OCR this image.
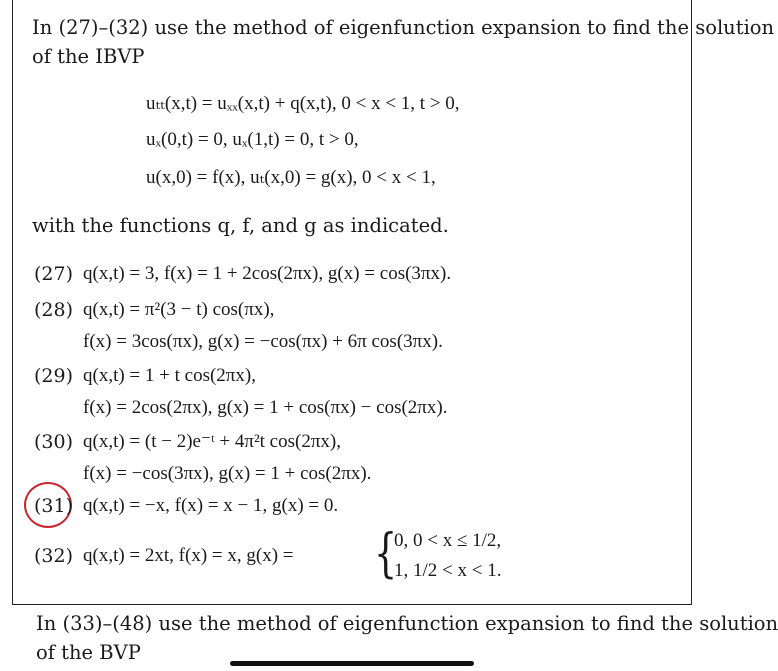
In (27)–(32) use the method of eigenfunction expansion to find the solution
of the IBVP
uₜₜ(x,t) = uₓₓ(x,t) + q(x,t), 0 < x < 1, t > 0,
uₓ(0,t) = 0, uₓ(1,t) = 0, t > 0,
u(x,0) = f(x), uₜ(x,0) = g(x), 0 < x < 1,
with the functions q, f, and g as indicated.
(27) q(x,t) = 3, f(x) = 1 + 2cos(2πx), g(x) = cos(3πx).
(28) q(x,t) = π²(3 − t) cos(πx),
f(x) = 3cos(πx), g(x) = −cos(πx) + 6π cos(3πx).
(29) q(x,t) = 1 + t cos(2πx),
f(x) = 2cos(2πx), g(x) = 1 + cos(πx) − cos(2πx).
(30) q(x,t) = (t − 2)e⁻ᵗ + 4π²t cos(2πx),
f(x) = −cos(3πx), g(x) = 1 + cos(2πx).
(31) q(x,t) = −x, f(x) = x − 1, g(x) = 0.
(32) q(x,t) = 2xt, f(x) = x, g(x) = {
0, 0 < x ≤ 1/2,
1, 1/2 < x < 1.
In (33)–(48) use the method of eigenfunction expansion to find the solution
of the BVP
